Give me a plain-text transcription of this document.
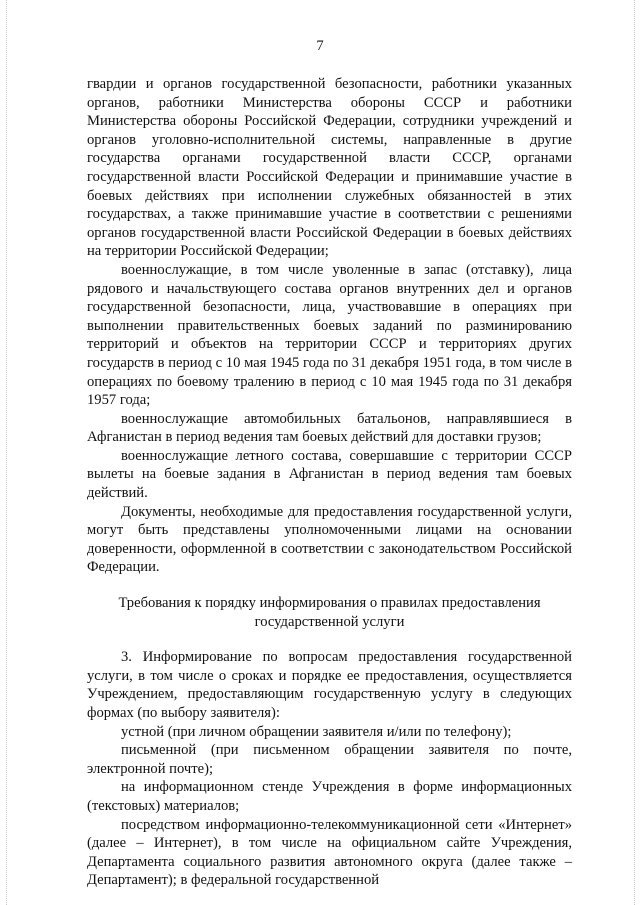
7

гвардии и органов государственной безопасности, работники указанных органов, работники Министерства обороны СССР и работники Министерства обороны Российской Федерации, сотрудники учреждений и органов уголовно-исполнительной системы, направленные в другие государства органами государственной власти СССР, органами государственной власти Российской Федерации и принимавшие участие в боевых действиях при исполнении служебных обязанностей в этих государствах, а также принимавшие участие в соответствии с решениями органов государственной власти Российской Федерации в боевых действиях на территории Российской Федерации;

военнослужащие, в том числе уволенные в запас (отставку), лица рядового и начальствующего состава органов внутренних дел и органов государственной безопасности, лица, участвовавшие в операциях при выполнении правительственных боевых заданий по разминированию территорий и объектов на территории СССР и территориях других государств в период с 10 мая 1945 года по 31 декабря 1951 года, в том числе в операциях по боевому тралению в период с 10 мая 1945 года по 31 декабря 1957 года;

военнослужащие автомобильных батальонов, направлявшиеся в Афганистан в период ведения там боевых действий для доставки грузов;

военнослужащие летного состава, совершавшие с территории СССР вылеты на боевые задания в Афганистан в период ведения там боевых действий.

Документы, необходимые для предоставления государственной услуги, могут быть представлены уполномоченными лицами на основании доверенности, оформленной в соответствии с законодательством Российской Федерации.

Требования к порядку информирования о правилах предоставления государственной услуги

3. Информирование по вопросам предоставления государственной услуги, в том числе о сроках и порядке ее предоставления, осуществляется Учреждением, предоставляющим государственную услугу в следующих формах (по выбору заявителя):

устной (при личном обращении заявителя и/или по телефону);

письменной (при письменном обращении заявителя по почте, электронной почте);

на информационном стенде Учреждения в форме информационных (текстовых) материалов;

посредством информационно-телекоммуникационной сети «Интернет» (далее – Интернет), в том числе на официальном сайте Учреждения, Департамента социального развития автономного округа (далее также – Департамент); в федеральной государственной
